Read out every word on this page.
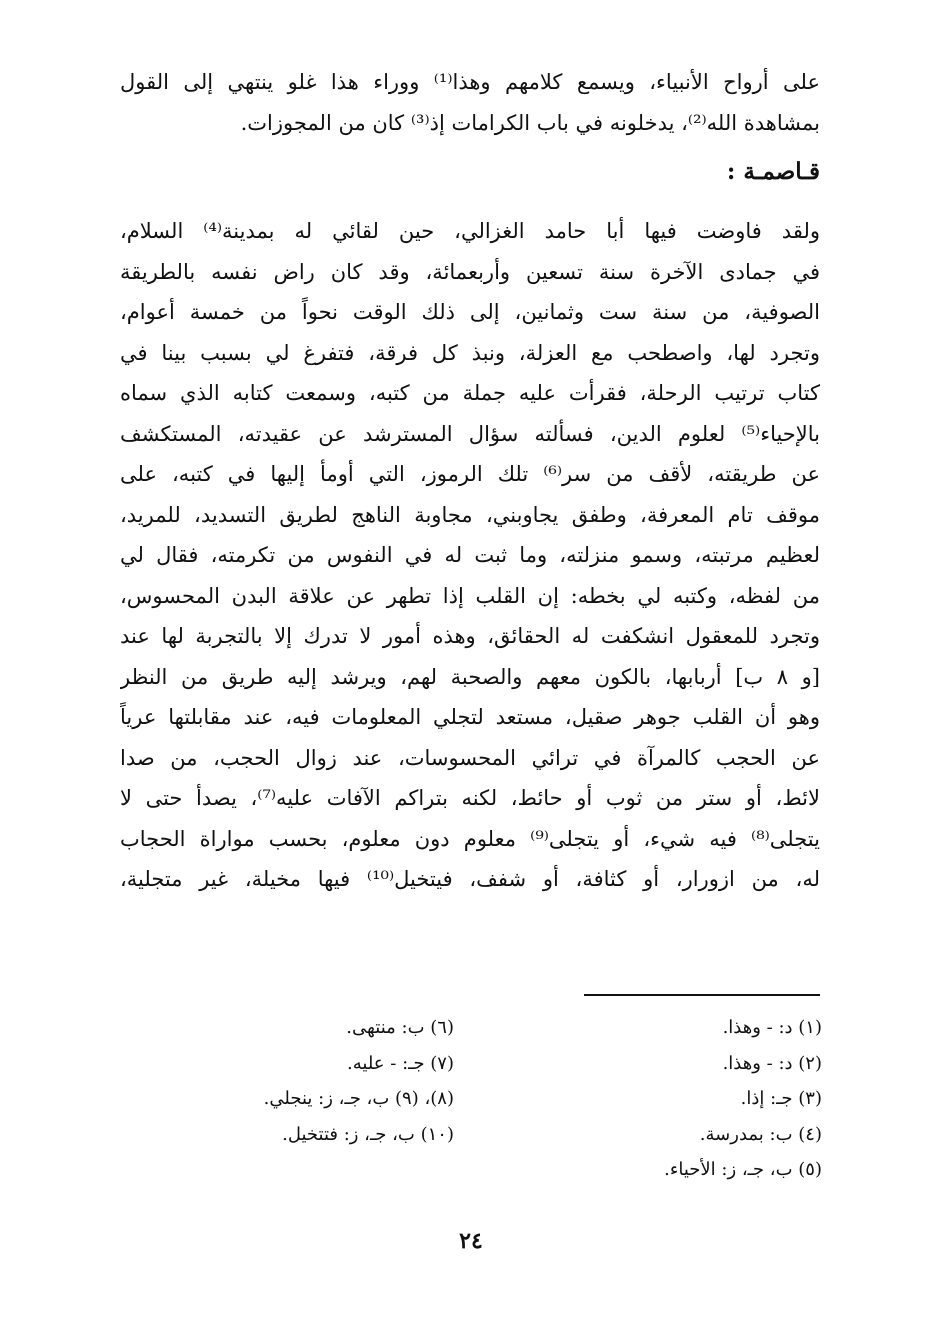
على أرواح الأنبياء، ويسمع كلامهم وهذا⁽¹⁾ ووراء هذا غلو ينتهي إلى القول
بمشاهدة الله⁽²⁾، يدخلونه في باب الكرامات إذ⁽³⁾ كان من المجوزات.
قـاصمـة :
ولقد فاوضت فيها أبا حامد الغزالي، حين لقائي له بمدينة⁽⁴⁾ السلام،
في جمادى الآخرة سنة تسعين وأربعمائة، وقد كان راض نفسه بالطريقة
الصوفية، من سنة ست وثمانين، إلى ذلك الوقت نحواً من خمسة أعوام،
وتجرد لها، واصطحب مع العزلة، ونبذ كل فرقة، فتفرغ لي بسبب بينا في
كتاب ترتيب الرحلة، فقرأت عليه جملة من كتبه، وسمعت كتابه الذي سماه
بالإحياء⁽⁵⁾ لعلوم الدين، فسألته سؤال المسترشد عن عقيدته، المستكشف
عن طريقته، لأقف من سر⁽⁶⁾ تلك الرموز، التي أومأ إليها في كتبه، على
موقف تام المعرفة، وطفق يجاوبني، مجاوبة الناهج لطريق التسديد، للمريد،
لعظيم مرتبته، وسمو منزلته، وما ثبت له في النفوس من تكرمته، فقال لي
من لفظه، وكتبه لي بخطه: إن القلب إذا تطهر عن علاقة البدن المحسوس،
وتجرد للمعقول انشكفت له الحقائق، وهذه أمور لا تدرك إلا بالتجربة لها عند
[و ٨ ب] أربابها، بالكون معهم والصحبة لهم، ويرشد إليه طريق من النظر
وهو أن القلب جوهر صقيل، مستعد لتجلي المعلومات فيه، عند مقابلتها عرياً
عن الحجب كالمرآة في ترائي المحسوسات، عند زوال الحجب، من صدا
لائط، أو ستر من ثوب أو حائط، لكنه بتراكم الآفات عليه⁽⁷⁾، يصدأ حتى لا
يتجلى⁽⁸⁾ فيه شيء، أو يتجلى⁽⁹⁾ معلوم دون معلوم، بحسب مواراة الحجاب
له، من ازورار، أو كثافة، أو شفف، فيتخيل⁽¹⁰⁾ فيها مخيلة، غير متجلية،
(١) د: - وهذا.
(٢) د: - وهذا.
(٣) جـ: إذا.
(٤) ب: بمدرسة.
(٥) ب، جـ، ز: الأحياء.
(٦) ب: منتهى.
(٧) جـ: - عليه.
(٨)، (٩) ب، جـ، ز: ينجلي.
(١٠) ب، جـ، ز: فتتخيل.
٢٤
